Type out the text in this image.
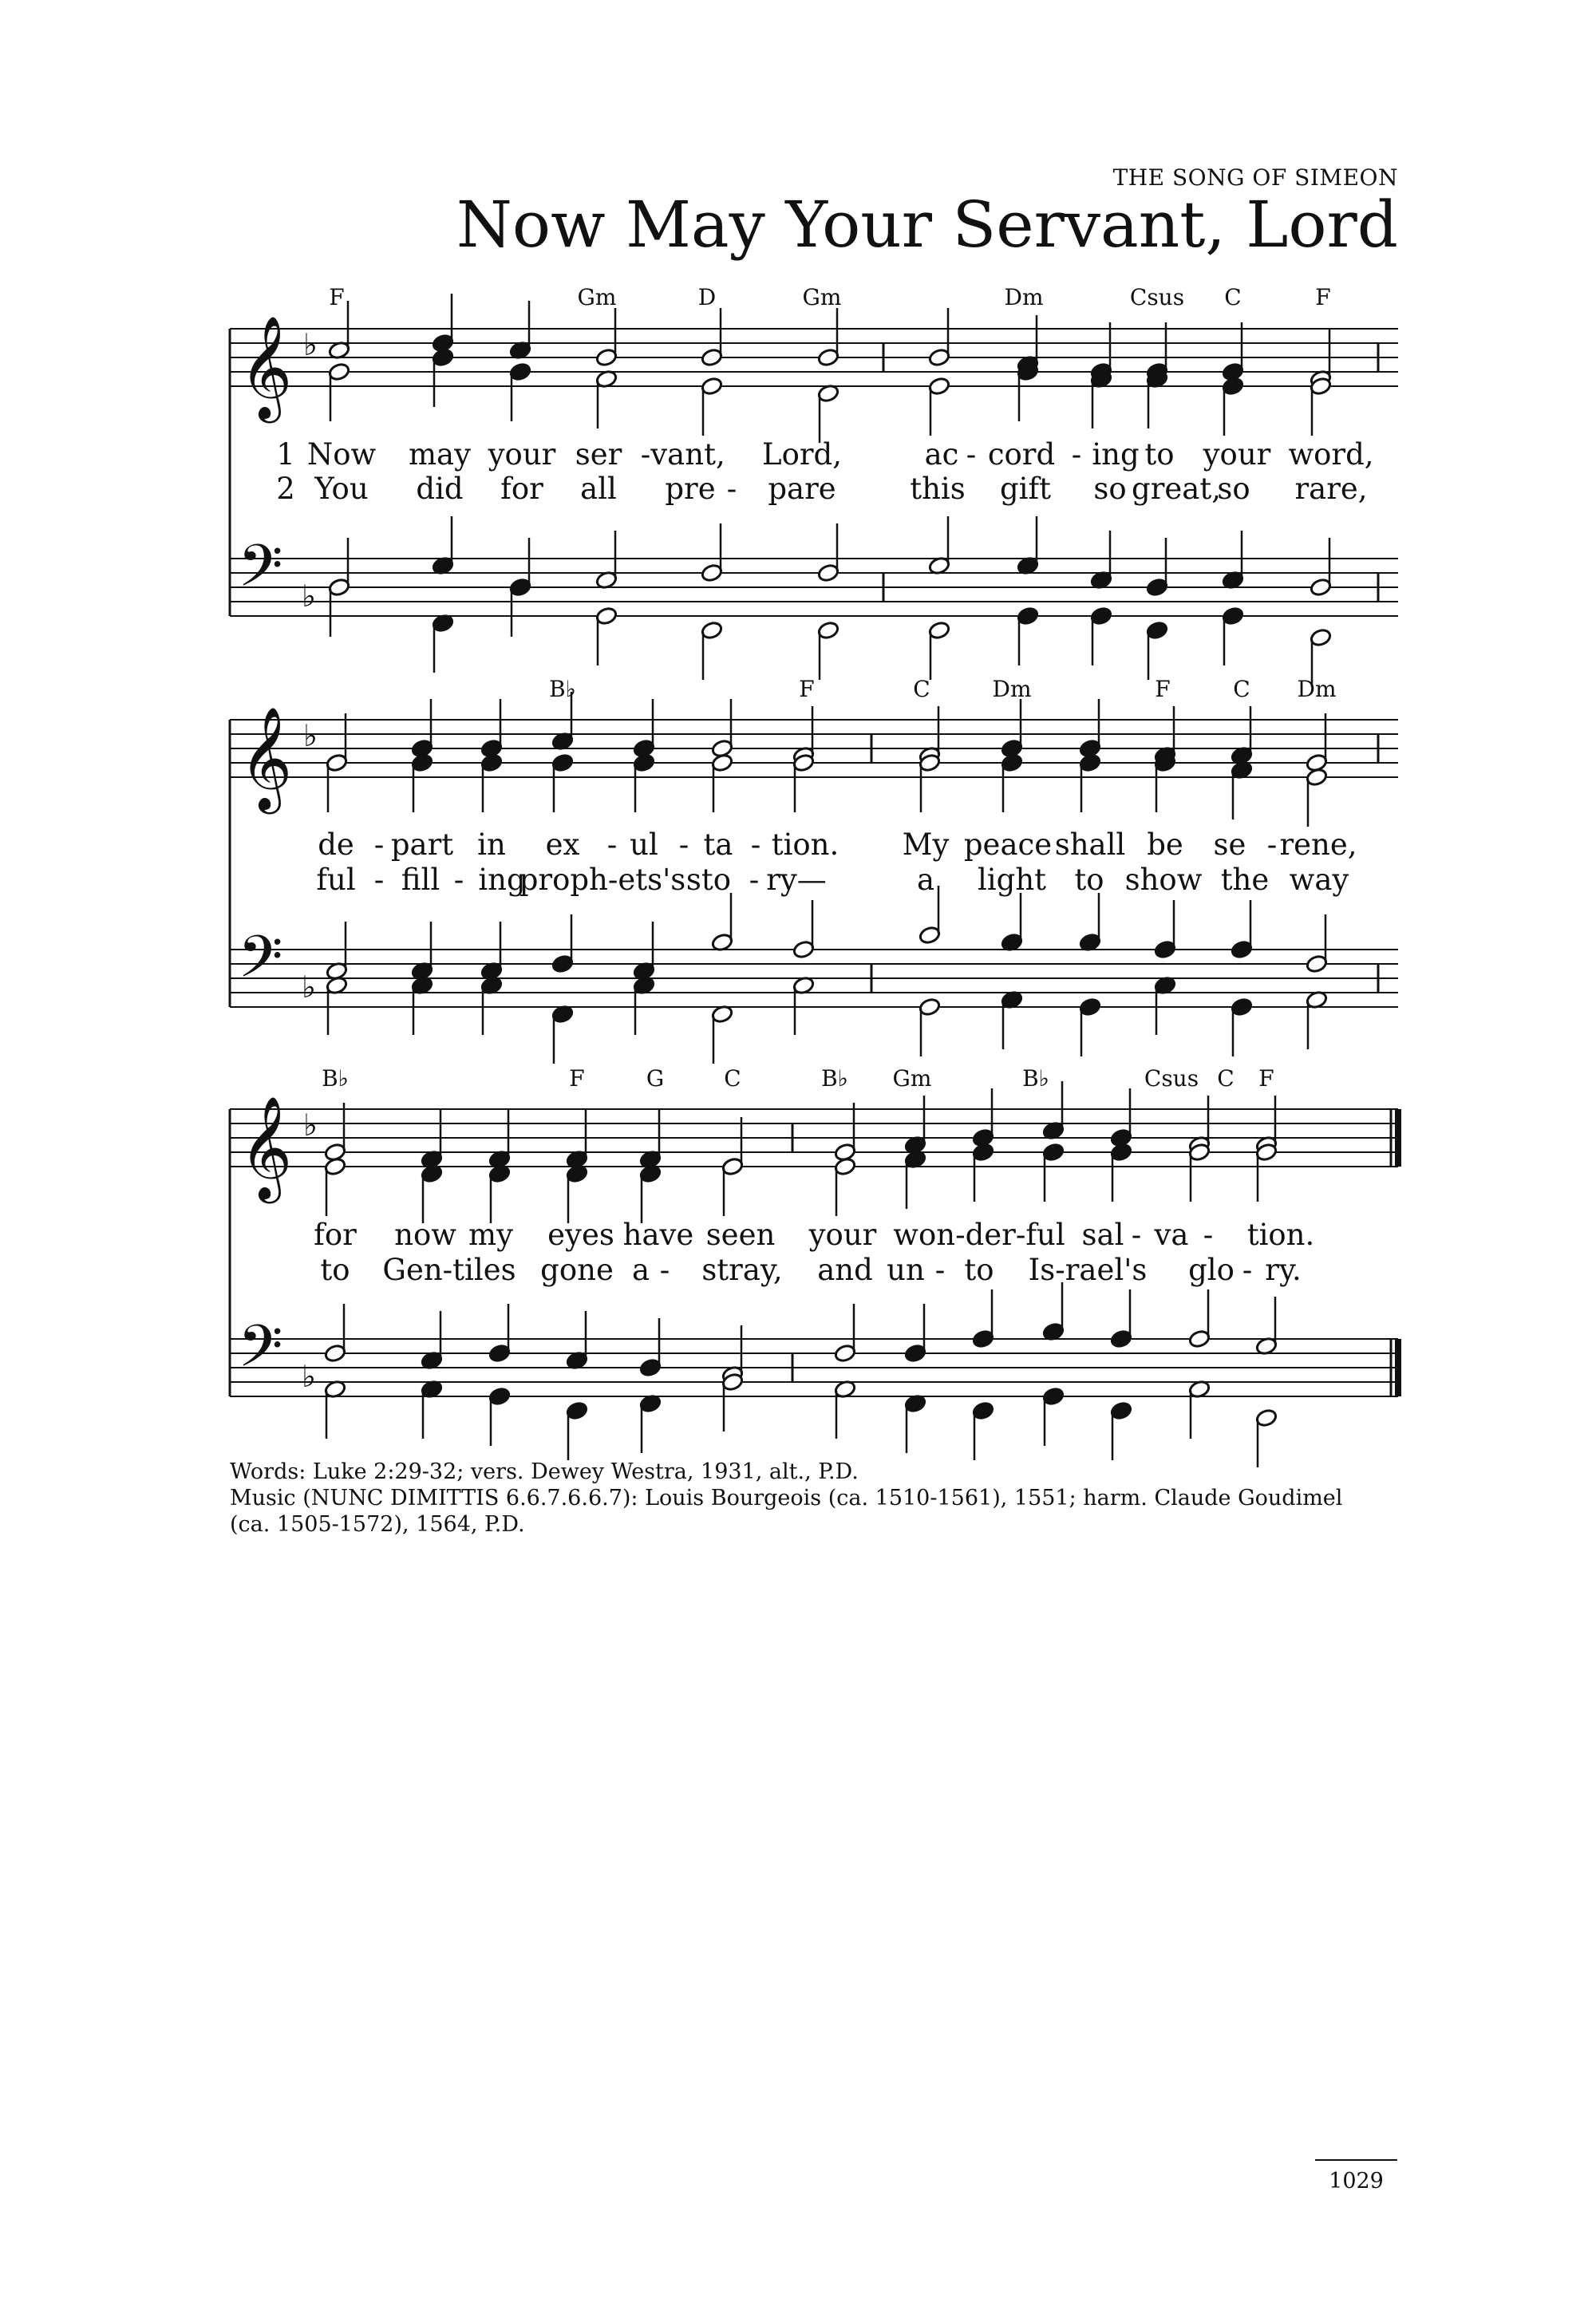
THE SONG OF SIMEON
Now May Your Servant, Lord
𝄞 ♭
𝄢 ♭
F	Gm	D	Gm	Dm	Csus C	F
1 Now may your ser - vant, Lord,	ac - cord - ing to your word,
2 You did for all pre - pare	this gift so great,
so rare,
𝄞 ♭
𝄢 ♭
B♭	F	C	Dm	F	C Dm
de - part in ex - ul - ta - tion. My peace shall be se - rene,
ful - fill - ing
proph-ets's sto - ry—	a light to show the way
𝄞 ♭
𝄢 ♭
B♭	F	G	C	B♭ Gm	B♭	Csus C F
for now my eyes have seen your won-der-ful sal - va - tion.
to Gen-tiles gone a - stray, and un - to Is-rael's glo - ry.
Words: Luke 2:29-32; vers. Dewey Westra, 1931, alt., P.D.
Music (NUNC DIMITTIS 6.6.7.6.6.7): Louis Bourgeois (ca. 1510-1561), 1551; harm. Claude Goudimel (ca. 1505-1572), 1564, P.D.
1029
